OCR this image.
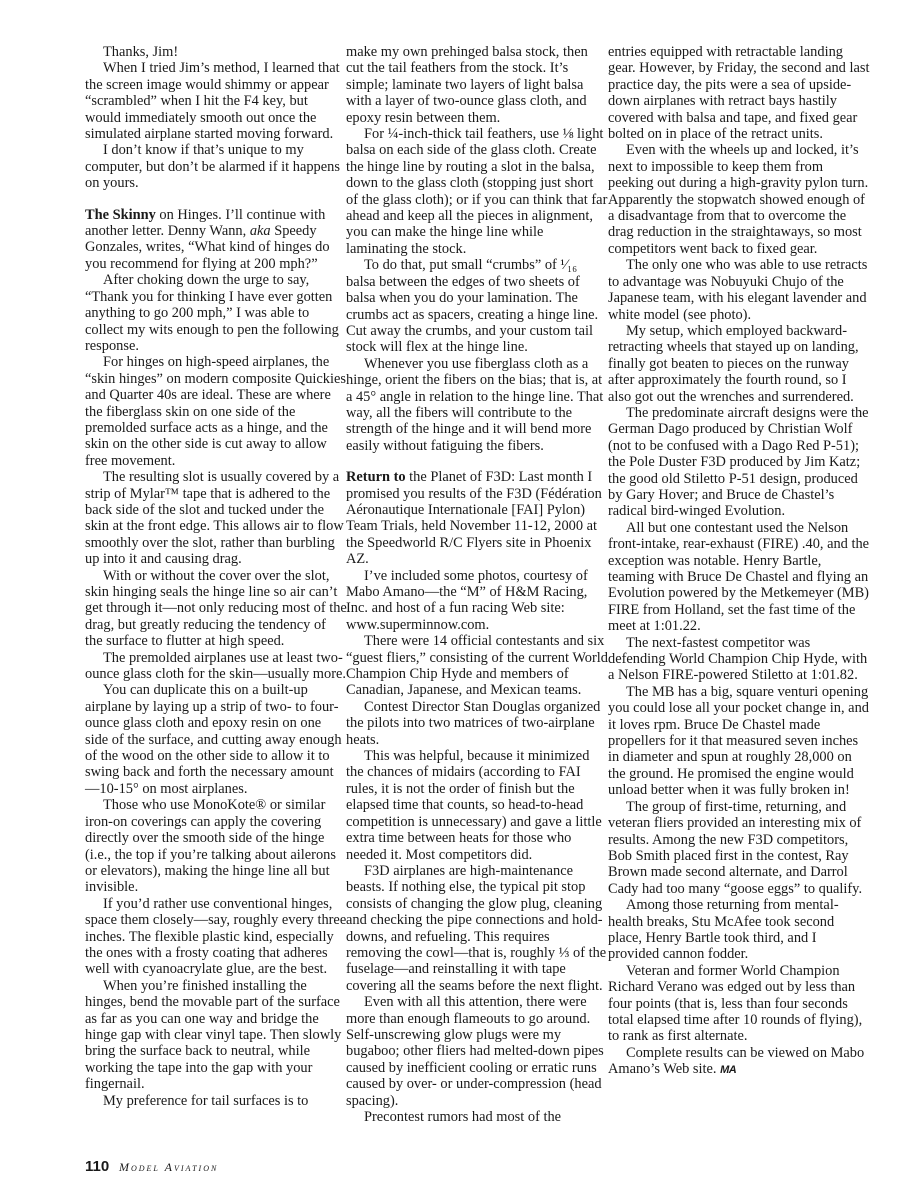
Thanks, Jim!

When I tried Jim’s method, I learned that the screen image would shimmy or appear “scrambled” when I hit the F4 key, but would immediately smooth out once the simulated airplane started moving forward.

I don’t know if that’s unique to my computer, but don’t be alarmed if it happens on yours.

The Skinny on Hinges. I’ll continue with another letter. Denny Wann, aka Speedy Gonzales, writes, “What kind of hinges do you recommend for flying at 200 mph?”

After choking down the urge to say, “Thank you for thinking I have ever gotten anything to go 200 mph,” I was able to collect my wits enough to pen the following response.

For hinges on high-speed airplanes, the “skin hinges” on modern composite Quickies and Quarter 40s are ideal. These are where the fiberglass skin on one side of the premolded surface acts as a hinge, and the skin on the other side is cut away to allow free movement.

The resulting slot is usually covered by a strip of Mylar™ tape that is adhered to the back side of the slot and tucked under the skin at the front edge. This allows air to flow smoothly over the slot, rather than burbling up into it and causing drag.

With or without the cover over the slot, skin hinging seals the hinge line so air can’t get through it—not only reducing most of the drag, but greatly reducing the tendency of the surface to flutter at high speed.

The premolded airplanes use at least two-ounce glass cloth for the skin—usually more.

You can duplicate this on a built-up airplane by laying up a strip of two- to four-ounce glass cloth and epoxy resin on one side of the surface, and cutting away enough of the wood on the other side to allow it to swing back and forth the necessary amount—10-15° on most airplanes.

Those who use MonoKote® or similar iron-on coverings can apply the covering directly over the smooth side of the hinge (i.e., the top if you’re talking about ailerons or elevators), making the hinge line all but invisible.

If you’d rather use conventional hinges, space them closely—say, roughly every three inches. The flexible plastic kind, especially the ones with a frosty coating that adheres well with cyanoacrylate glue, are the best.

When you’re finished installing the hinges, bend the movable part of the surface as far as you can one way and bridge the hinge gap with clear vinyl tape. Then slowly bring the surface back to neutral, while working the tape into the gap with your fingernail.

My preference for tail surfaces is to

make my own prehinged balsa stock, then cut the tail feathers from the stock. It’s simple; laminate two layers of light balsa with a layer of two-ounce glass cloth, and epoxy resin between them.

For ¼-inch-thick tail feathers, use ⅛ light balsa on each side of the glass cloth. Create the hinge line by routing a slot in the balsa, down to the glass cloth (stopping just short of the glass cloth); or if you can think that far ahead and keep all the pieces in alignment, you can make the hinge line while laminating the stock.

To do that, put small “crumbs” of ¹⁄₁₆ balsa between the edges of two sheets of balsa when you do your lamination. The crumbs act as spacers, creating a hinge line. Cut away the crumbs, and your custom tail stock will flex at the hinge line.

Whenever you use fiberglass cloth as a hinge, orient the fibers on the bias; that is, at a 45° angle in relation to the hinge line. That way, all the fibers will contribute to the strength of the hinge and it will bend more easily without fatiguing the fibers.

Return to the Planet of F3D: Last month I promised you results of the F3D (Fédération Aéronautique Internationale [FAI] Pylon) Team Trials, held November 11-12, 2000 at the Speedworld R/C Flyers site in Phoenix AZ.

I’ve included some photos, courtesy of Mabo Amano—the “M” of H&M Racing, Inc. and host of a fun racing Web site: www.superminnow.com.

There were 14 official contestants and six “guest fliers,” consisting of the current World Champion Chip Hyde and members of Canadian, Japanese, and Mexican teams.

Contest Director Stan Douglas organized the pilots into two matrices of two-airplane heats.

This was helpful, because it minimized the chances of midairs (according to FAI rules, it is not the order of finish but the elapsed time that counts, so head-to-head competition is unnecessary) and gave a little extra time between heats for those who needed it. Most competitors did.

F3D airplanes are high-maintenance beasts. If nothing else, the typical pit stop consists of changing the glow plug, cleaning and checking the pipe connections and hold-downs, and refueling. This requires removing the cowl—that is, roughly ⅓ of the fuselage—and reinstalling it with tape covering all the seams before the next flight.

Even with all this attention, there were more than enough flameouts to go around. Self-unscrewing glow plugs were my bugaboo; other fliers had melted-down pipes caused by inefficient cooling or erratic runs caused by over- or under-compression (head spacing).

Precontest rumors had most of the

entries equipped with retractable landing gear. However, by Friday, the second and last practice day, the pits were a sea of upside-down airplanes with retract bays hastily covered with balsa and tape, and fixed gear bolted on in place of the retract units.

Even with the wheels up and locked, it’s next to impossible to keep them from peeking out during a high-gravity pylon turn. Apparently the stopwatch showed enough of a disadvantage from that to overcome the drag reduction in the straightaways, so most competitors went back to fixed gear.

The only one who was able to use retracts to advantage was Nobuyuki Chujo of the Japanese team, with his elegant lavender and white model (see photo).

My setup, which employed backward-retracting wheels that stayed up on landing, finally got beaten to pieces on the runway after approximately the fourth round, so I also got out the wrenches and surrendered.

The predominate aircraft designs were the German Dago produced by Christian Wolf (not to be confused with a Dago Red P-51); the Pole Duster F3D produced by Jim Katz; the good old Stiletto P-51 design, produced by Gary Hover; and Bruce de Chastel’s radical bird-winged Evolution.

All but one contestant used the Nelson front-intake, rear-exhaust (FIRE) .40, and the exception was notable. Henry Bartle, teaming with Bruce De Chastel and flying an Evolution powered by the Metkemeyer (MB) FIRE from Holland, set the fast time of the meet at 1:01.22.

The next-fastest competitor was defending World Champion Chip Hyde, with a Nelson FIRE-powered Stiletto at 1:01.82.

The MB has a big, square venturi opening you could lose all your pocket change in, and it loves rpm. Bruce De Chastel made propellers for it that measured seven inches in diameter and spun at roughly 28,000 on the ground. He promised the engine would unload better when it was fully broken in!

The group of first-time, returning, and veteran fliers provided an interesting mix of results. Among the new F3D competitors, Bob Smith placed first in the contest, Ray Brown made second alternate, and Darrol Cady had too many “goose eggs” to qualify.

Among those returning from mental-health breaks, Stu McAfee took second place, Henry Bartle took third, and I provided cannon fodder.

Veteran and former World Champion Richard Verano was edged out by less than four points (that is, less than four seconds total elapsed time after 10 rounds of flying), to rank as first alternate.

Complete results can be viewed on Mabo Amano’s Web site. MA

110 Model Aviation
